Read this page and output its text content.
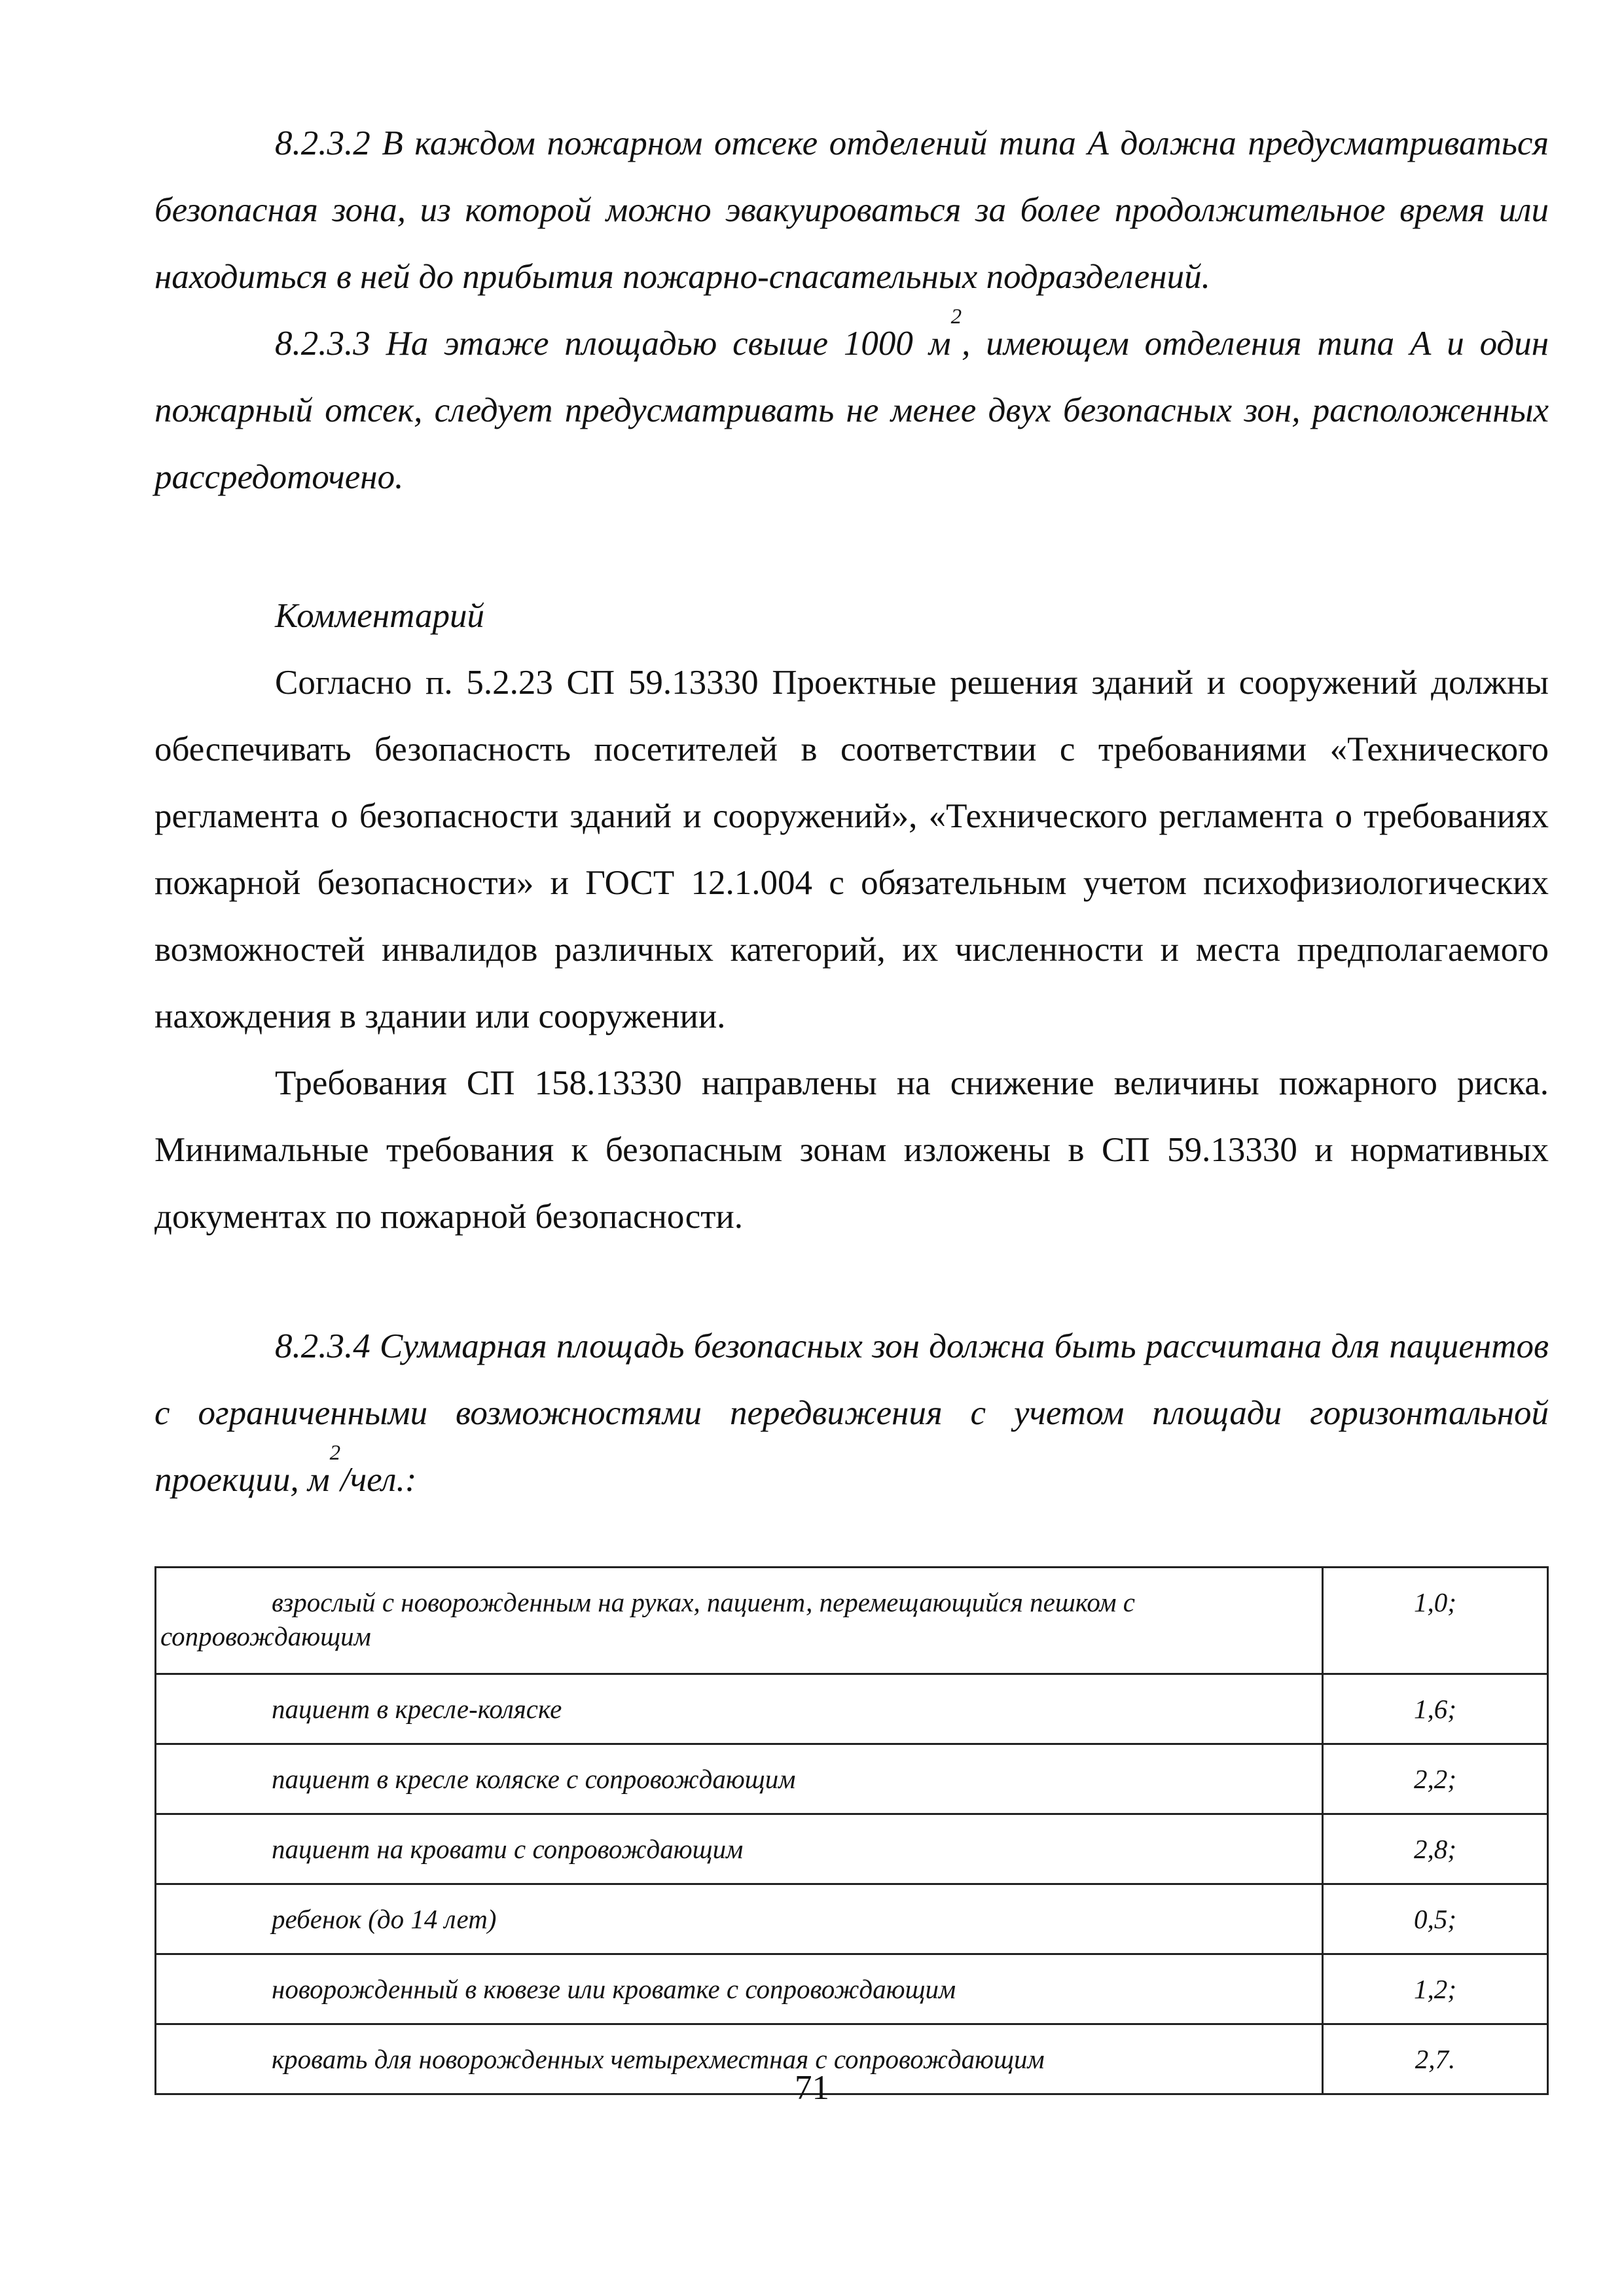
8.2.3.2 В каждом пожарном отсеке отделений типа А должна предусматриваться безопасная зона, из которой можно эвакуироваться за более продолжительное время или находиться в ней до прибытия пожарно-спасательных подразделений.

8.2.3.3 На этаже площадью свыше 1000 $м^2$, имеющем отделения типа А и один пожарный отсек, следует предусматривать не менее двух безопасных зон, расположенных рассредоточено.

Комментарий

Согласно п. 5.2.23 СП 59.13330 Проектные решения зданий и сооружений должны обеспечивать безопасность посетителей в соответствии с требованиями «Технического регламента о безопасности зданий и сооружений», «Технического регламента о требованиях пожарной безопасности» и ГОСТ 12.1.004 с обязательным учетом психофизиологических возможностей инвалидов различных категорий, их численности и места предполагаемого нахождения в здании или сооружении.

Требования СП 158.13330 направлены на снижение величины пожарного риска. Минимальные требования к безопасным зонам изложены в СП 59.13330 и нормативных документах по пожарной безопасности.

8.2.3.4 Суммарная площадь безопасных зон должна быть рассчитана для пациентов с ограниченными возможностями передвижения с учетом площади горизонтальной проекции, $м^2$/чел.:

взрослый с новорожденным на руках, пациент, перемещающийся пешком с сопровождающим	1,0;

пациент в кресле-коляске	1,6;

пациент в кресле коляске с сопровождающим	2,2;

пациент на кровати с сопровождающим	2,8;

ребенок (до 14 лет)	0,5;

новорожденный в кювезе или кроватке с сопровождающим	1,2;

кровать для новорожденных четырехместная с сопровождающим	2,7.
71
